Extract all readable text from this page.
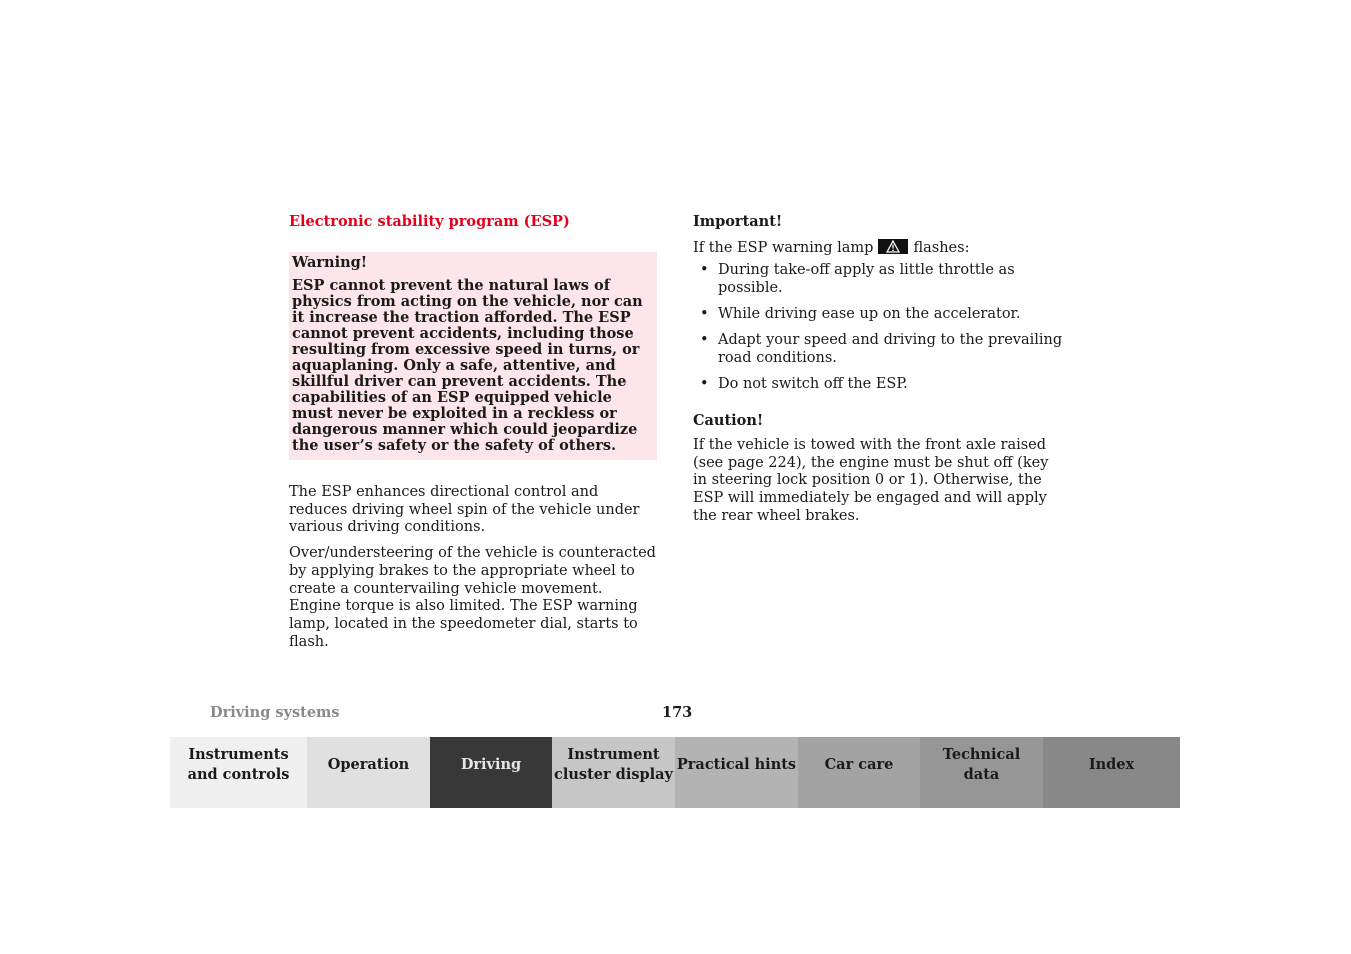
Electronic stability program (ESP)

Warning!

ESP cannot prevent the natural laws of physics from acting on the vehicle, nor can it increase the traction afforded. The ESP cannot prevent accidents, including those resulting from excessive speed in turns, or aquaplaning. Only a safe, attentive, and skillful driver can prevent accidents. The capabilities of an ESP equipped vehicle must never be exploited in a reckless or dangerous manner which could jeopardize the user’s safety or the safety of others.

The ESP enhances directional control and reduces driving wheel spin of the vehicle under various driving conditions.

Over/understeering of the vehicle is counteracted by applying brakes to the appropriate wheel to create a countervailing vehicle movement. Engine torque is also limited. The ESP warning lamp, located in the speedometer dial, starts to flash.

Important!

If the ESP warning lamp	flashes:

• During take-off apply as little throttle as possible.
• While driving ease up on the accelerator.
• Adapt your speed and driving to the prevailing road conditions.
• Do not switch off the ESP.

Caution!

If the vehicle is towed with the front axle raised (see page 224), the engine must be shut off (key in steering lock position 0 or 1). Otherwise, the ESP will immediately be engaged and will apply the rear wheel brakes.

Driving systems	173
Instruments
and controls
Operation	Driving
Instrument
cluster display
Practical hints	Car care
Technical
data
Index
